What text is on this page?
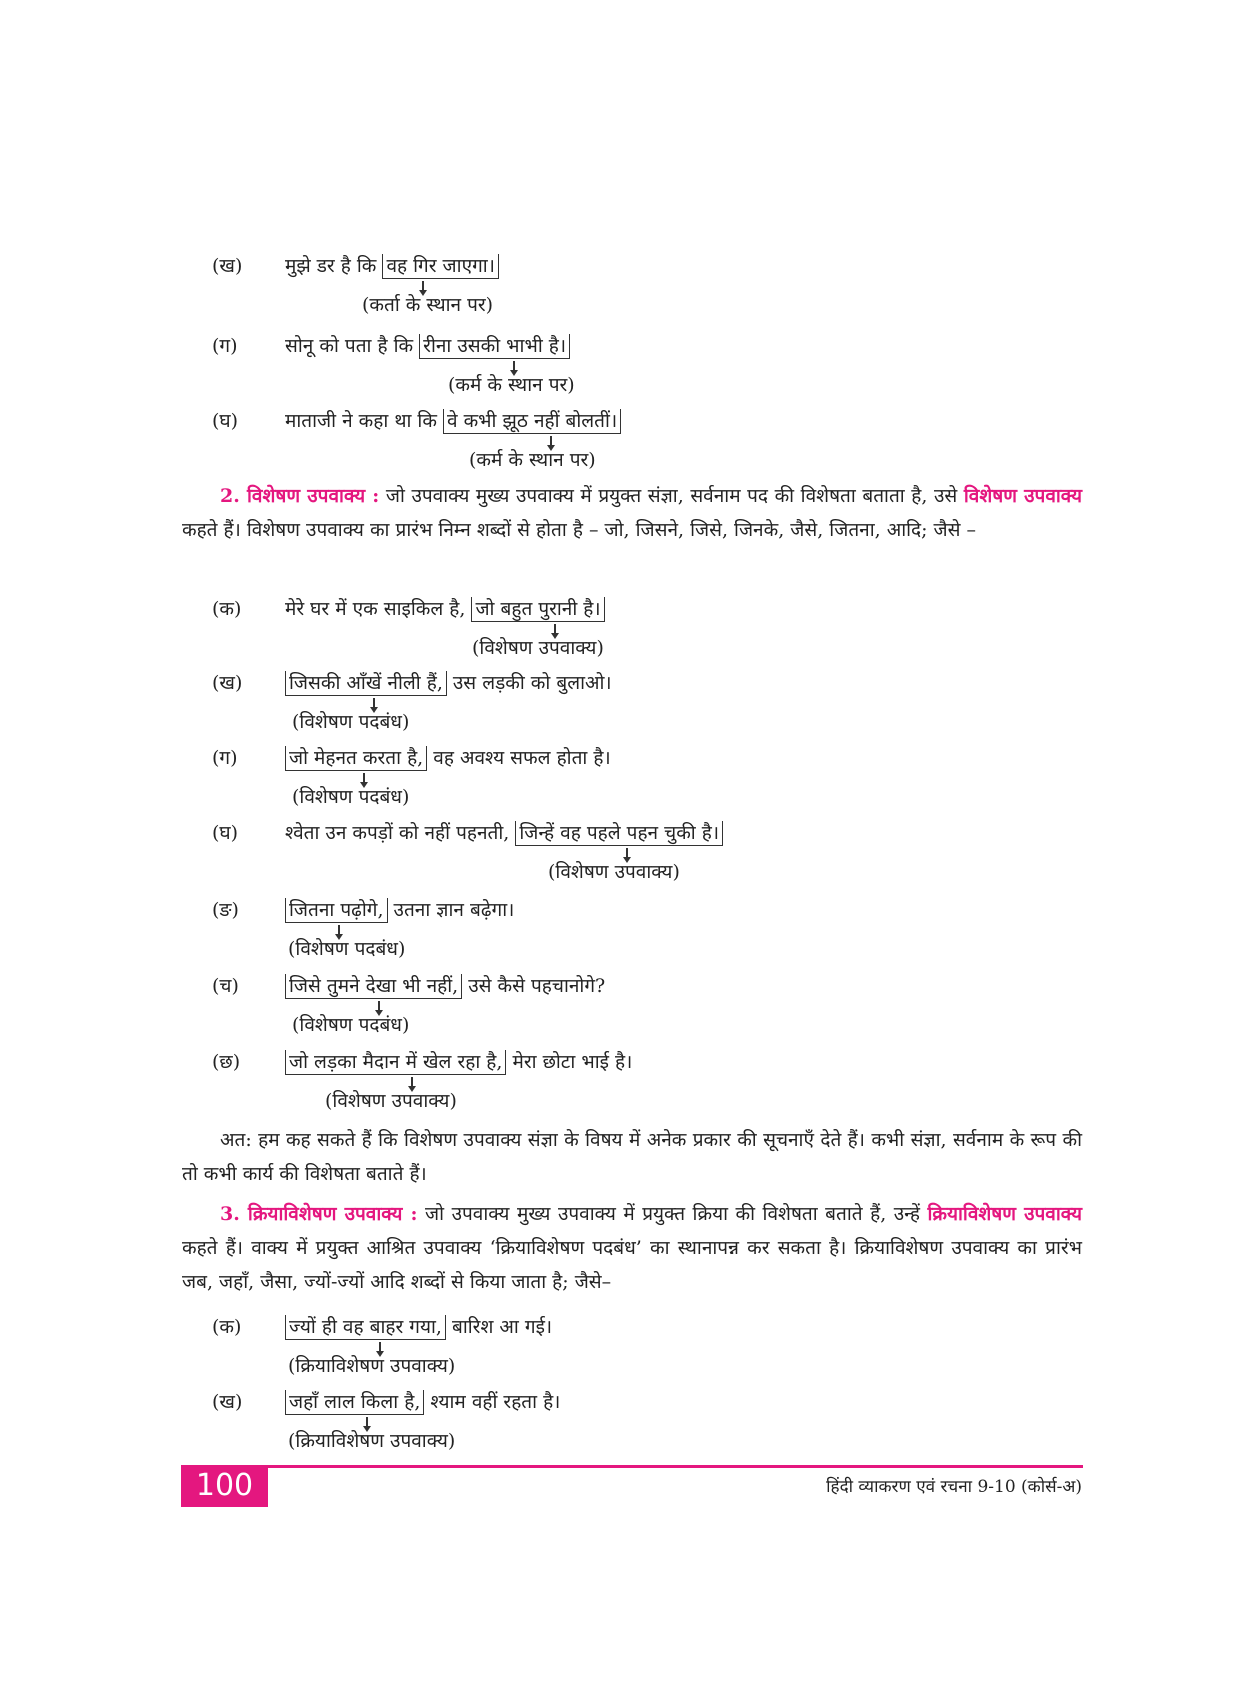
(ख) मुझे डर है कि वह गिर जाएगा।
(कर्ता के स्थान पर)
(ग) सोनू को पता है कि रीना उसकी भाभी है।
(कर्म के स्थान पर)
(घ) माताजी ने कहा था कि वे कभी झूठ नहीं बोलतीं।
(कर्म के स्थान पर)
2. विशेषण उपवाक्य : जो उपवाक्य मुख्य उपवाक्य में प्रयुक्त संज्ञा, सर्वनाम पद की विशेषता बताता है, उसे विशेषण उपवाक्य कहते हैं। विशेषण उपवाक्य का प्रारंभ निम्न शब्दों से होता है – जो, जिसने, जिसे, जिनके, जैसे, जितना, आदि; जैसे –
(क) मेरे घर में एक साइकिल है, जो बहुत पुरानी है।
(विशेषण उपवाक्य)
(ख) जिसकी आँखें नीली हैं, उस लड़की को बुलाओ।
(विशेषण पदबंध)
(ग)	जो मेहनत करता है, वह अवश्य सफल होता है।
(विशेषण पदबंध)
(घ) श्वेता उन कपड़ों को नहीं पहनती, जिन्हें वह पहले पहन चुकी है।
(विशेषण उपवाक्य)
(ङ)	जितना पढ़ोगे, उतना ज्ञान बढ़ेगा।
(विशेषण पदबंध)
(च)	जिसे तुमने देखा भी नहीं, उसे कैसे पहचानोगे?
(विशेषण पदबंध)
(छ)	जो लड़का मैदान में खेल रहा है, मेरा छोटा भाई है।
(विशेषण उपवाक्य)
अत: हम कह सकते हैं कि विशेषण उपवाक्य संज्ञा के विषय में अनेक प्रकार की सूचनाएँ देते हैं। कभी संज्ञा, सर्वनाम के रूप की तो कभी कार्य की विशेषता बताते हैं।
3. क्रियाविशेषण उपवाक्य : जो उपवाक्य मुख्य उपवाक्य में प्रयुक्त क्रिया की विशेषता बताते हैं, उन्हें क्रियाविशेषण उपवाक्य कहते हैं। वाक्य में प्रयुक्त आश्रित उपवाक्य ‘क्रियाविशेषण पदबंध’ का स्थानापन्न कर सकता है। क्रियाविशेषण उपवाक्य का प्रारंभ जब, जहाँ, जैसा, ज्यों-ज्यों आदि शब्दों से किया जाता है; जैसे–
(क)	ज्यों ही वह बाहर गया, बारिश आ गई।
(क्रियाविशेषण उपवाक्य)
(ख) जहाँ लाल किला है, श्याम वहीं रहता है।
(क्रियाविशेषण उपवाक्य)
100	हिंदी व्याकरण एवं रचना 9-10 (कोर्स-अ)
